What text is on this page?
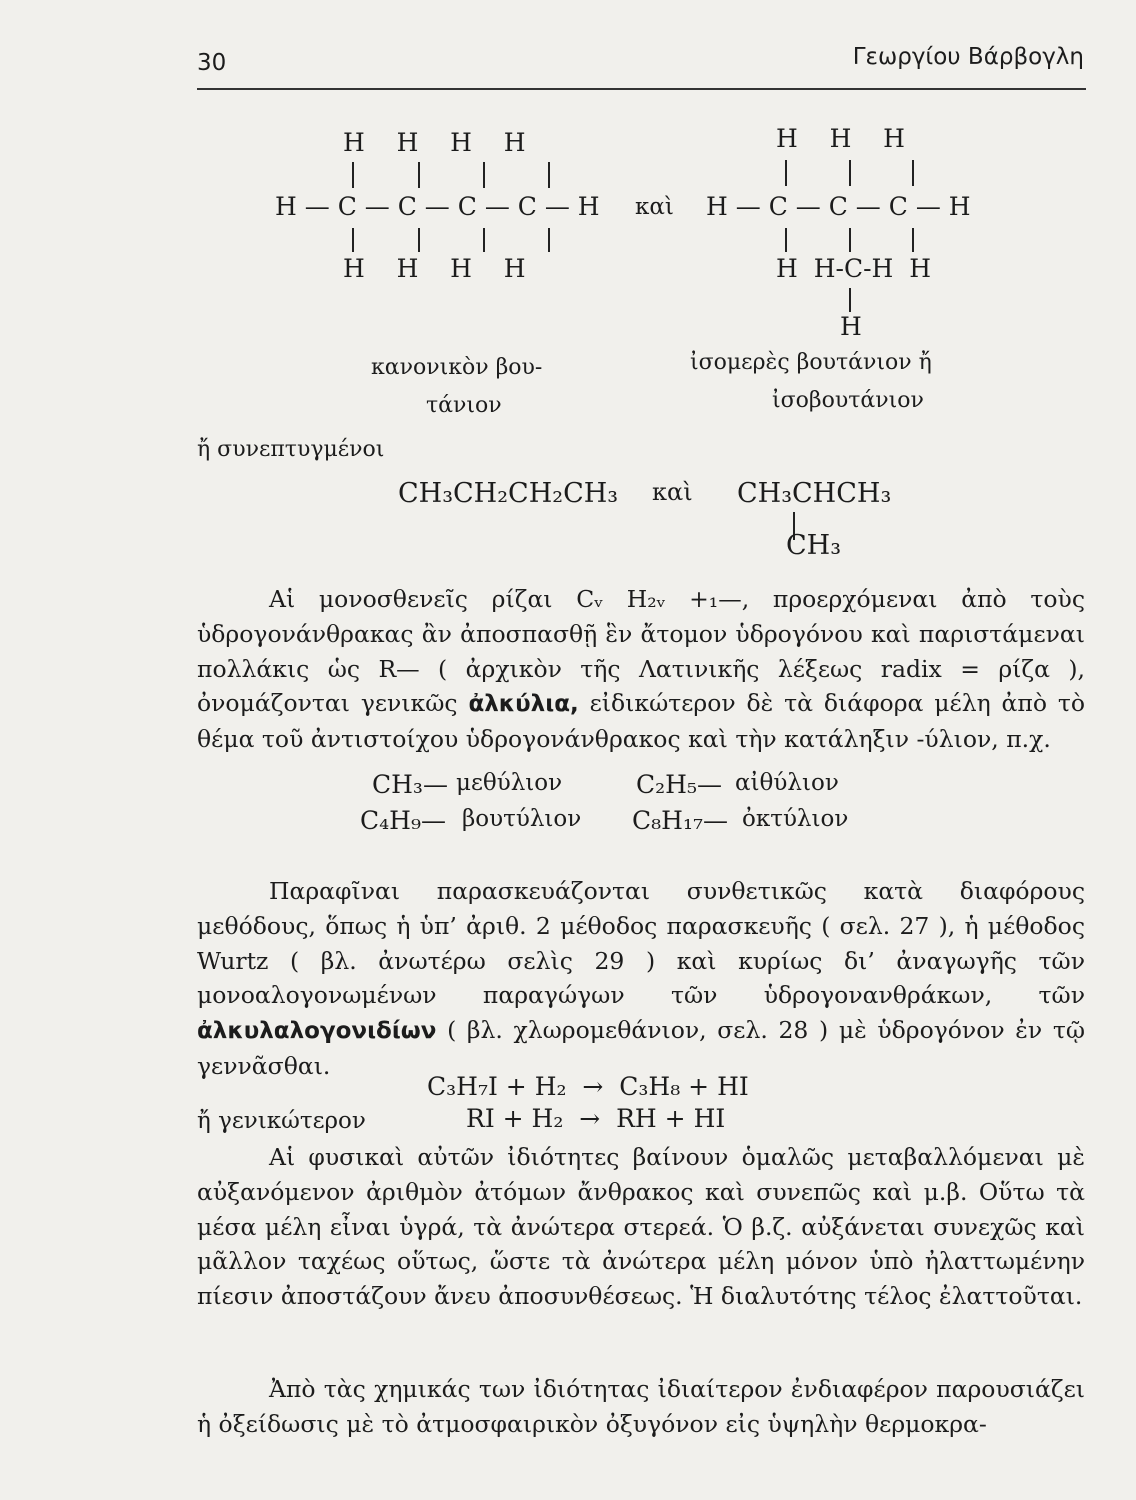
30	Γεωργίου Βάρβογλη
H    H    H    H
H — C — C — C — C — H
H    H    H    H
καὶ
H    H    H
H — C — C — C — H
H  H-C-H  H
H
κανονικὸν βου-
τάνιον
ἰσομερὲς βουτάνιον ἤ
ἰσοβουτάνιον
ἤ συνεπτυγμένοι
CH₃CH₂CH₂CH₃ καὶ CH₃CHCH₃
CH₃

Αἱ μονοσθενεῖς ρίζαι Cᵥ H₂ᵥ +₁—, προερχόμεναι ἀπὸ τοὺς ὑδρογονάνθρακας ἂν ἀποσπασθῇ ἓν ἄτομον ὑδρογόνου καὶ παριστάμεναι πολλάκις ὡς R— ( ἀρχικὸν τῆς Λατινικῆς λέξεως radix = ρίζα ), ὀνομάζονται γενικῶς ἀλκύλια, εἰδικώτερον δὲ τὰ διάφορα μέλη ἀπὸ τὸ θέμα τοῦ ἀντιστοίχου ὑδρογονάνθρακος καὶ τὴν κατάληξιν -ύλιον, π.χ.

CH₃— μεθύλιον	C₂H₅— αἰθύλιον
C₄H₉— βουτύλιον C₈H₁₇— ὀκτύλιον

Παραφῖναι παρασκευάζονται συνθετικῶς κατὰ διαφόρους μεθόδους, ὅπως ἡ ὑπ’ ἀριθ. 2 μέθοδος παρασκευῆς ( σελ. 27 ), ἡ μέθοδος Wurtz ( βλ. ἀνωτέρω σελὶς 29 ) καὶ κυρίως δι’ ἀναγωγῆς τῶν μονοαλογονωμένων παραγώγων τῶν ὑδρογονανθράκων, τῶν ἀλκυλαλογονιδίων ( βλ. χλωρομεθάνιον, σελ. 28 ) μὲ ὑδρογόνον ἐν τῷ γεννᾶσθαι.

C₃H₇I + H₂  →  C₃H₈ + HI
ἤ γενικώτερον	RI + H₂  →  RH + HI

Αἱ φυσικαὶ αὐτῶν ἰδιότητες βαίνουν ὁμαλῶς μεταβαλλόμεναι μὲ αὐξανόμενον ἀριθμὸν ἀτόμων ἄνθρακος καὶ συνεπῶς καὶ μ.β. Οὕτω τὰ μέσα μέλη εἶναι ὑγρά, τὰ ἀνώτερα στερεά. Ὁ β.ζ. αὐξάνεται συνεχῶς καὶ μᾶλλον ταχέως οὕτως, ὥστε τὰ ἀνώτερα μέλη μόνον ὑπὸ ἠλαττωμένην πίεσιν ἀποστάζουν ἄνευ ἀποσυνθέσεως. Ἡ διαλυτότης τέλος ἐλαττοῦται.

Ἀπὸ τὰς χημικάς των ἰδιότητας ἰδιαίτερον ἐνδιαφέρον παρουσιάζει ἡ ὀξείδωσις μὲ τὸ ἀτμοσφαιρικὸν ὀξυγόνον εἰς ὑψηλὴν θερμοκρα-
